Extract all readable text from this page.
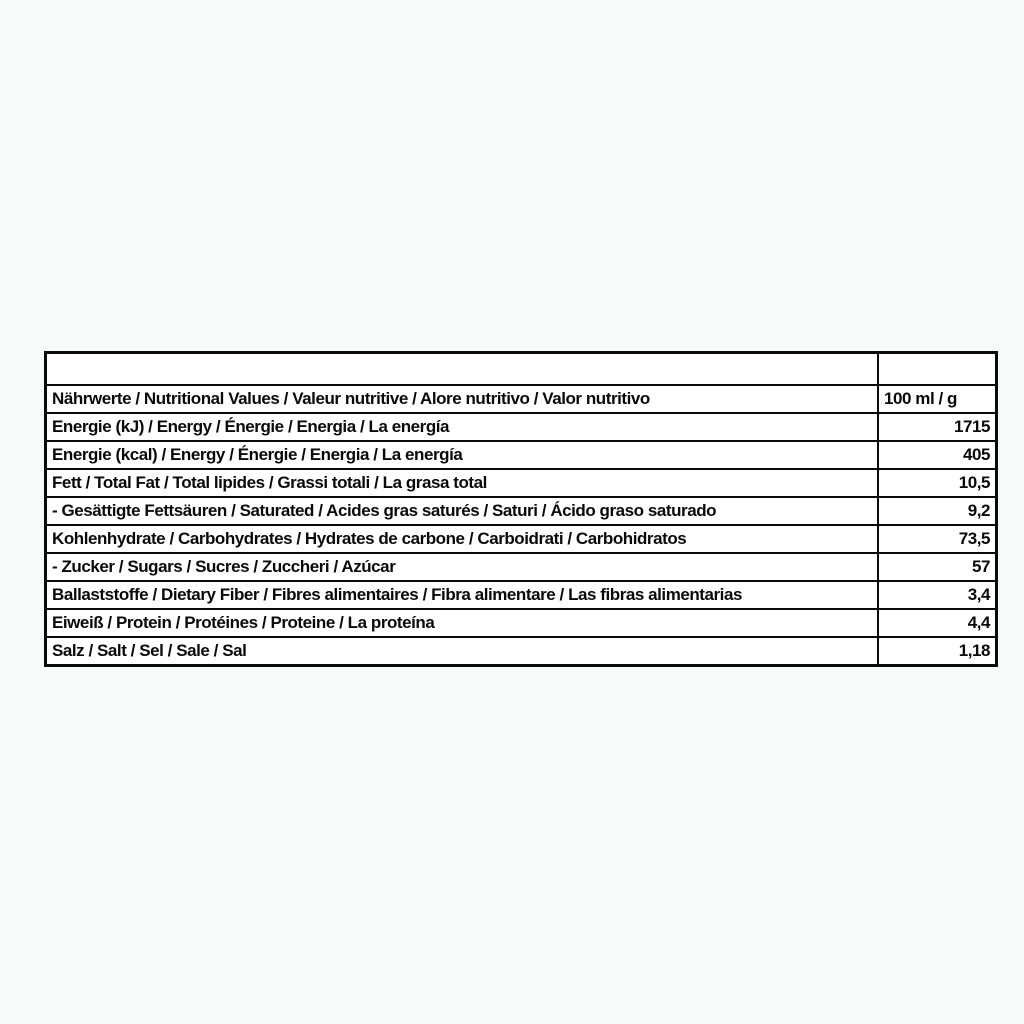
Nährwerte / Nutritional Values / Valeur nutritive / Alore nutritivo / Valor nutritivo	100 ml / g
Energie (kJ) / Energy / Énergie / Energia / La energía	1715
Energie (kcal) / Energy / Énergie / Energia / La energía	405
Fett / Total Fat / Total lipides / Grassi totali / La grasa total	10,5
- Gesättigte Fettsäuren / Saturated / Acides gras saturés / Saturi / Ácido graso saturado	9,2
Kohlenhydrate / Carbohydrates / Hydrates de carbone / Carboidrati / Carbohidratos	73,5
- Zucker / Sugars / Sucres / Zuccheri / Azúcar	57
Ballaststoffe / Dietary Fiber / Fibres alimentaires / Fibra alimentare / Las fibras alimentarias	3,4
Eiweiß / Protein / Protéines / Proteine / La proteína	4,4
Salz / Salt / Sel / Sale / Sal	1,18
